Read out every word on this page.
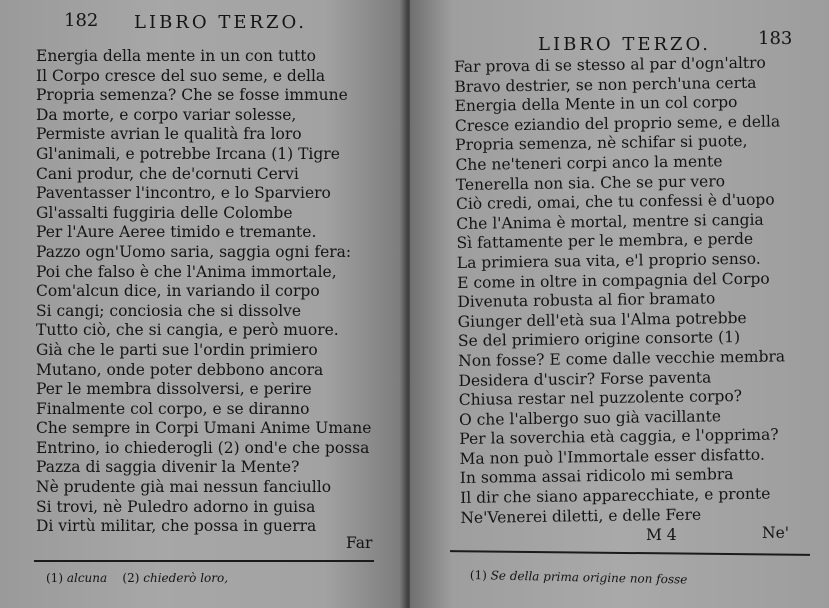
182 LIBRO TERZO.
Energia della mente in un con tutto
Il Corpo cresce del suo seme, e della
Propria semenza? Che se fosse immune
Da morte, e corpo variar solesse,
Permiste avrian le qualità fra loro
Gl'animali, e potrebbe Ircana (1) Tigre
Cani produr, che de'cornuti Cervi
Paventasser l'incontro, e lo Sparviero
Gl'assalti fuggiria delle Colombe
Per l'Aure Aeree timido e tremante.
Pazzo ogn'Uomo saria, saggia ogni fera:
Poi che falso è che l'Anima immortale,
Com'alcun dice, in variando il corpo
Si cangi; conciosia che si dissolve
Tutto ciò, che si cangia, e però muore.
Già che le parti sue l'ordin primiero
Mutano, onde poter debbono ancora
Per le membra dissolversi, e perire
Finalmente col corpo, e se diranno
Che sempre in Corpi Umani Anime Umane
Entrino, io chiederogli (2) ond'e che possa
Pazza di saggia divenir la Mente?
Nè prudente già mai nessun fanciullo
Si trovi, nè Puledro adorno in guisa
Di virtù militar, che possa in guerra
Far
(1) alcuna (2) chiederò loro,
LIBRO TERZO.	183
Far prova di se stesso al par d'ogn'altro
Bravo destrier, se non perch'una certa
Energia della Mente in un col corpo
Cresce eziandio del proprio seme, e della
Propria semenza, nè schifar si puote,
Che ne'teneri corpi anco la mente
Tenerella non sia. Che se pur vero
Ciò credi, omai, che tu confessi è d'uopo
Che l'Anima è mortal, mentre si cangia
Sì fattamente per le membra, e perde
La primiera sua vita, e'l proprio senso.
E come in oltre in compagnia del Corpo
Divenuta robusta al fior bramato
Giunger dell'età sua l'Alma potrebbe
Se del primiero origine consorte (1)
Non fosse? E come dalle vecchie membra
Desidera d'uscir? Forse paventa
Chiusa restar nel puzzolente corpo?
O che l'albergo suo già vacillante
Per la soverchia età caggia, e l'opprima?
Ma non può l'Immortale esser disfatto.
In somma assai ridicolo mi sembra
Il dir che siano apparecchiate, e pronte
Ne'Venerei diletti, e delle Fere
M 4	Ne'
(1) Se della prima origine non fosse
